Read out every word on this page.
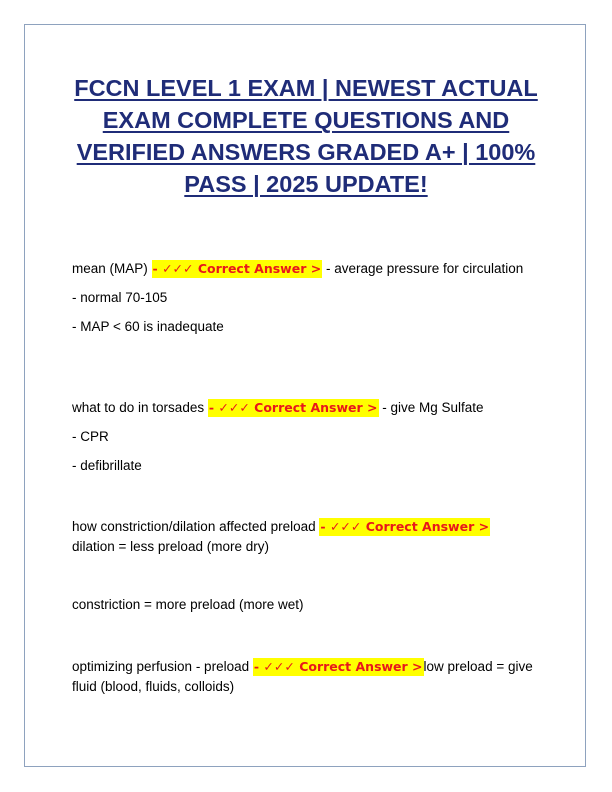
FCCN LEVEL 1 EXAM | NEWEST ACTUAL EXAM COMPLETE QUESTIONS AND VERIFIED ANSWERS GRADED A+ | 100% PASS | 2025 UPDATE!

mean (MAP) - ✓✓✓ Correct Answer > - average pressure for circulation

- normal 70-105

- MAP < 60 is inadequate

what to do in torsades - ✓✓✓ Correct Answer > - give Mg Sulfate

- CPR

- defibrillate

how constriction/dilation affected preload - ✓✓✓ Correct Answer >
dilation = less preload (more dry)

constriction = more preload (more wet)

optimizing perfusion - preload - ✓✓✓ Correct Answer >low preload = give fluid (blood, fluids, colloids)
